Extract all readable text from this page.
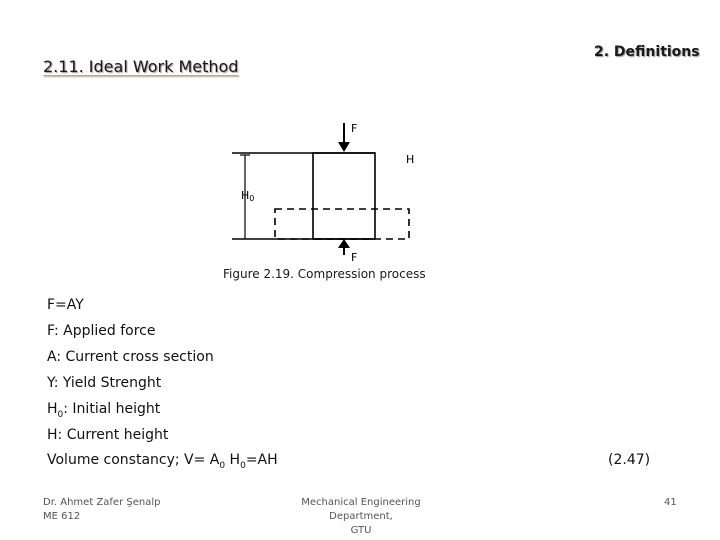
2.11. Ideal Work Method
2. Definitions
F
H0
H
F
Figure 2.19. Compression process
F=AY
F: Applied force
A: Current cross section
Y: Yield Strenght
$H_0$: Initial height
H: Current height
Volume constancy; $V= A_0$ $H_0=AH$	(2.47)
Dr. Ahmet Zafer Şenalp
ME 612
Mechanical Engineering Department,
GTU
41
